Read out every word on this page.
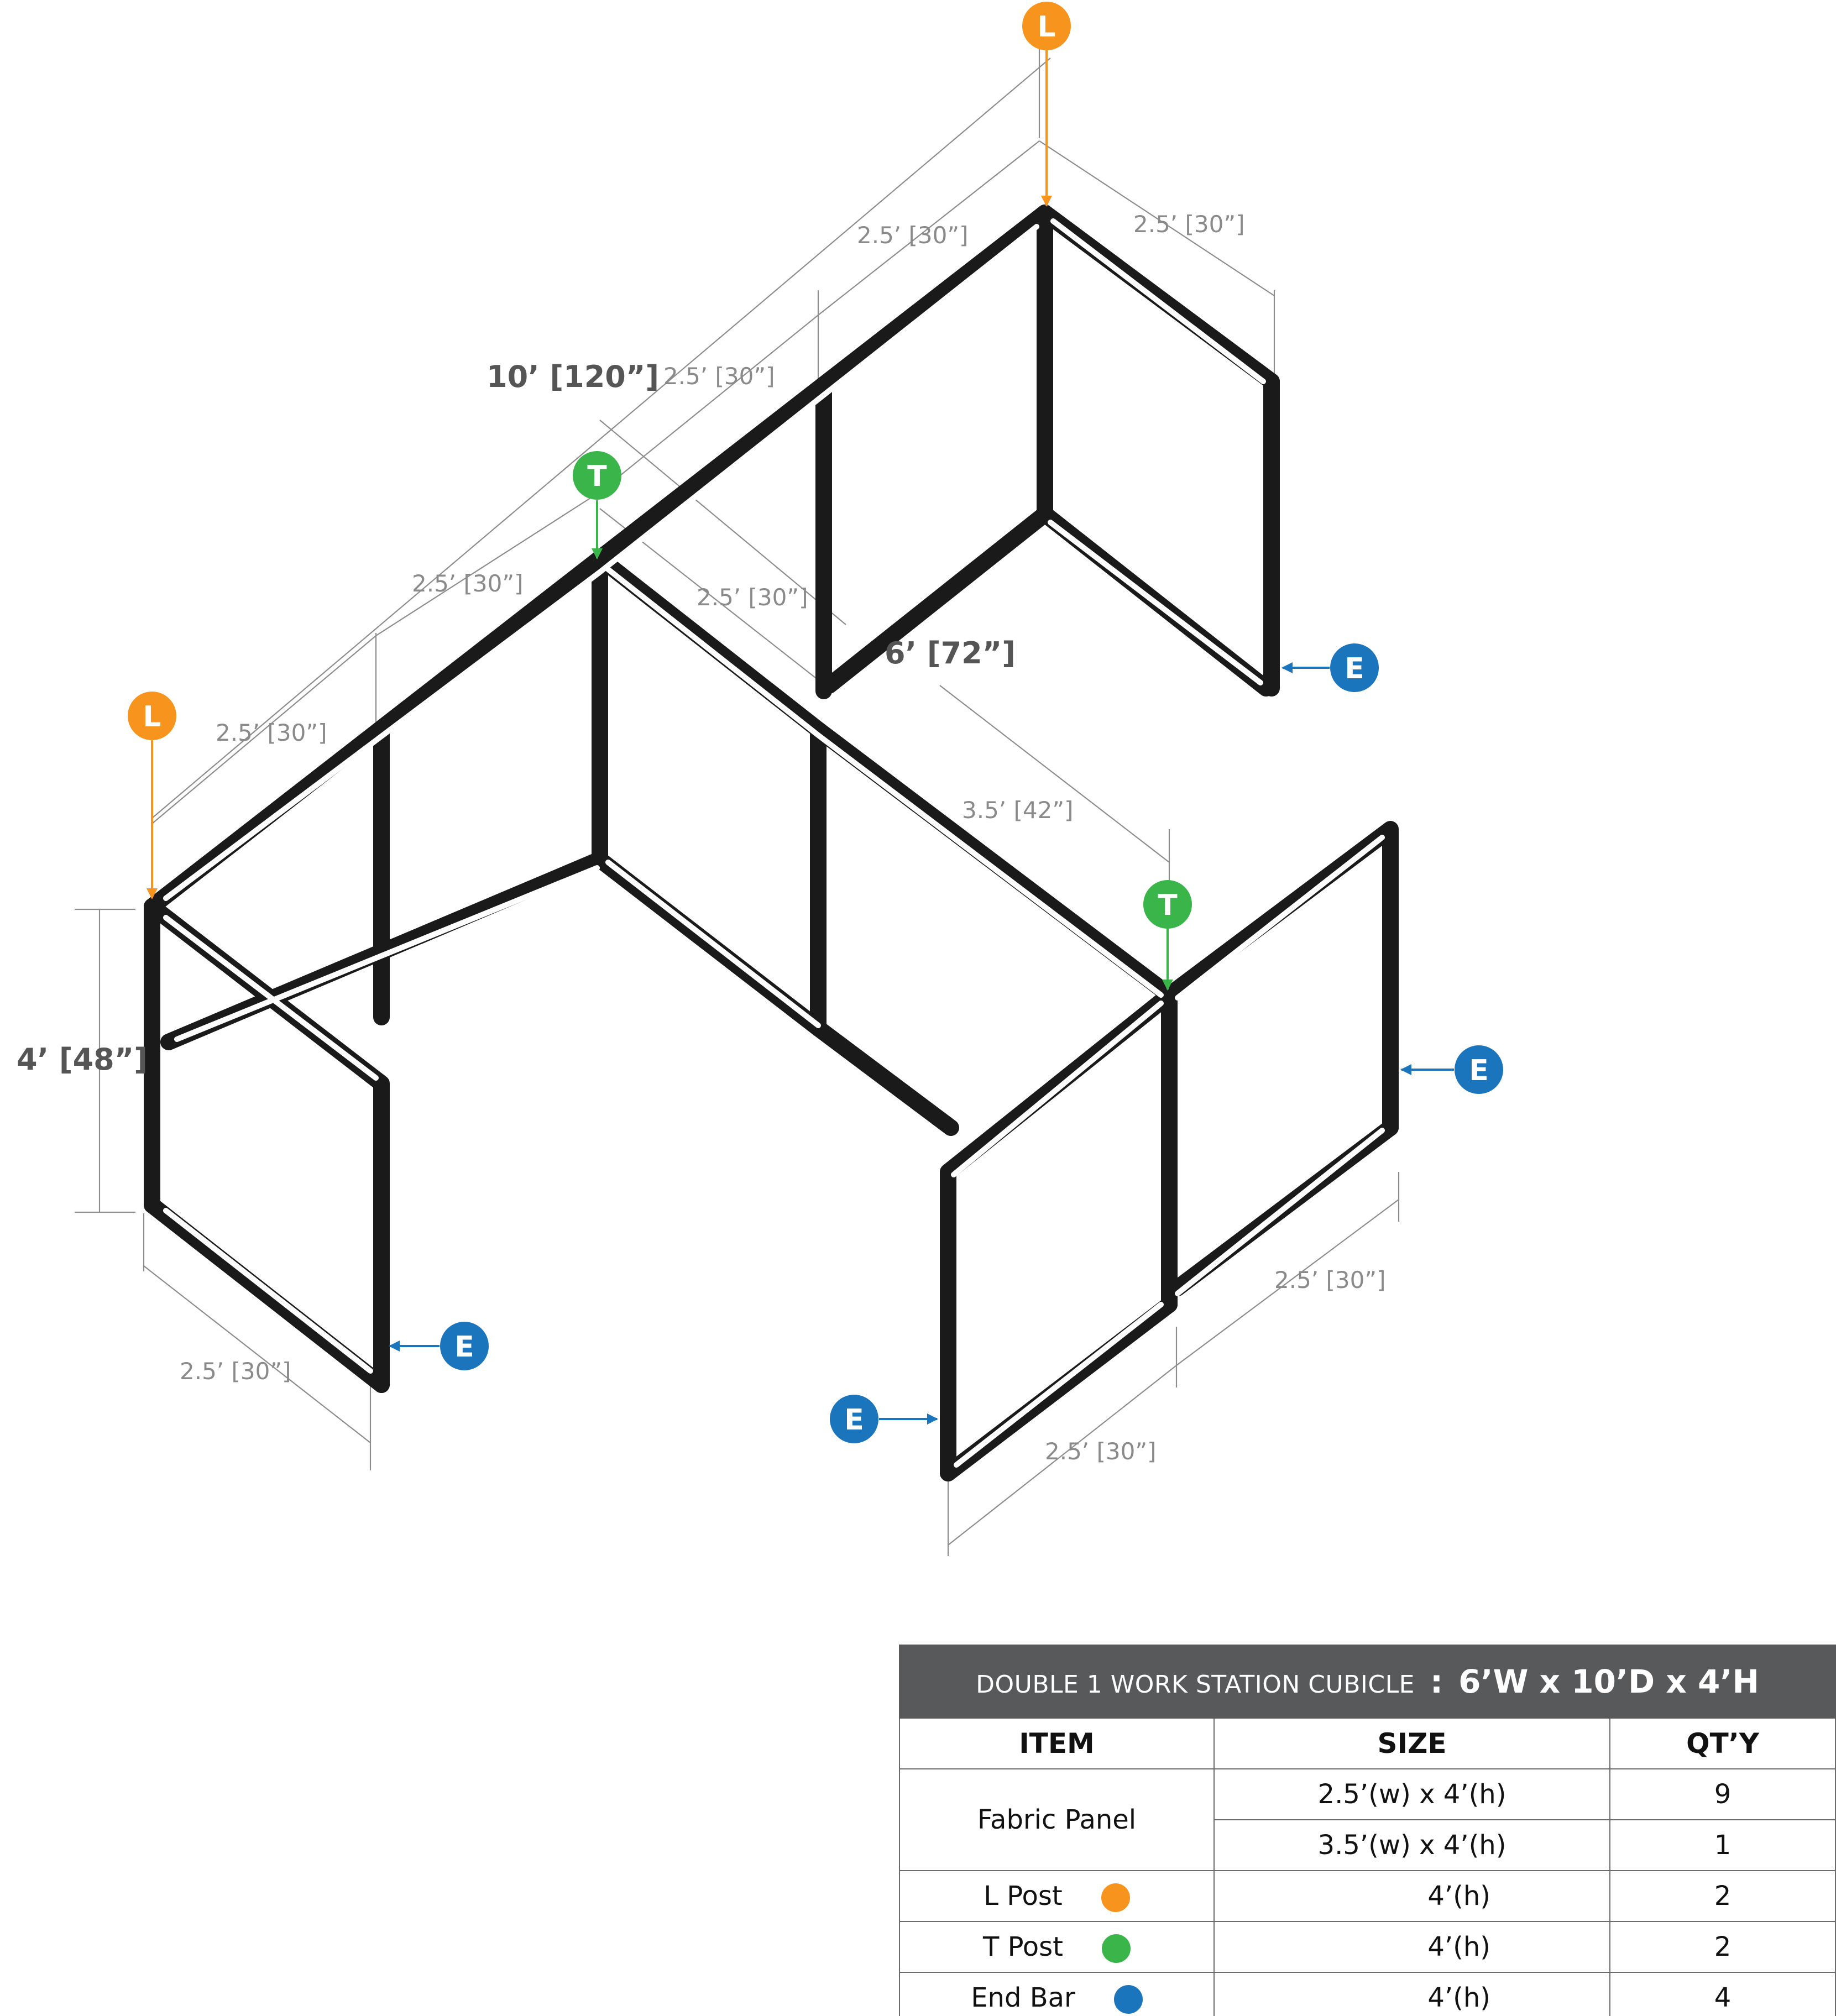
10’ [120”]
6’ [72”]
4’ [48”]
2.5’ [30”]	2.5’ [30”]
2.5’ [30”]
2.5’ [30”]
2.5’ [30”]
2.5’ [30”]
3.5’ [42”]
2.5’ [30”]
2.5’ [30”]
2.5’ [30”]
L
L
T
T
E
E
E
E
DOUBLE 1 WORK STATION CUBICLE : 6’W x 10’D x 4’H		
ITEM	SIZE	QT’Y
Fabric Panel	2.5’(w) x 4’(h)	9
	3.5’(w) x 4’(h)	1
L Post	4’(h)	2
T Post	4’(h)	2
End Bar	4’(h)	4
